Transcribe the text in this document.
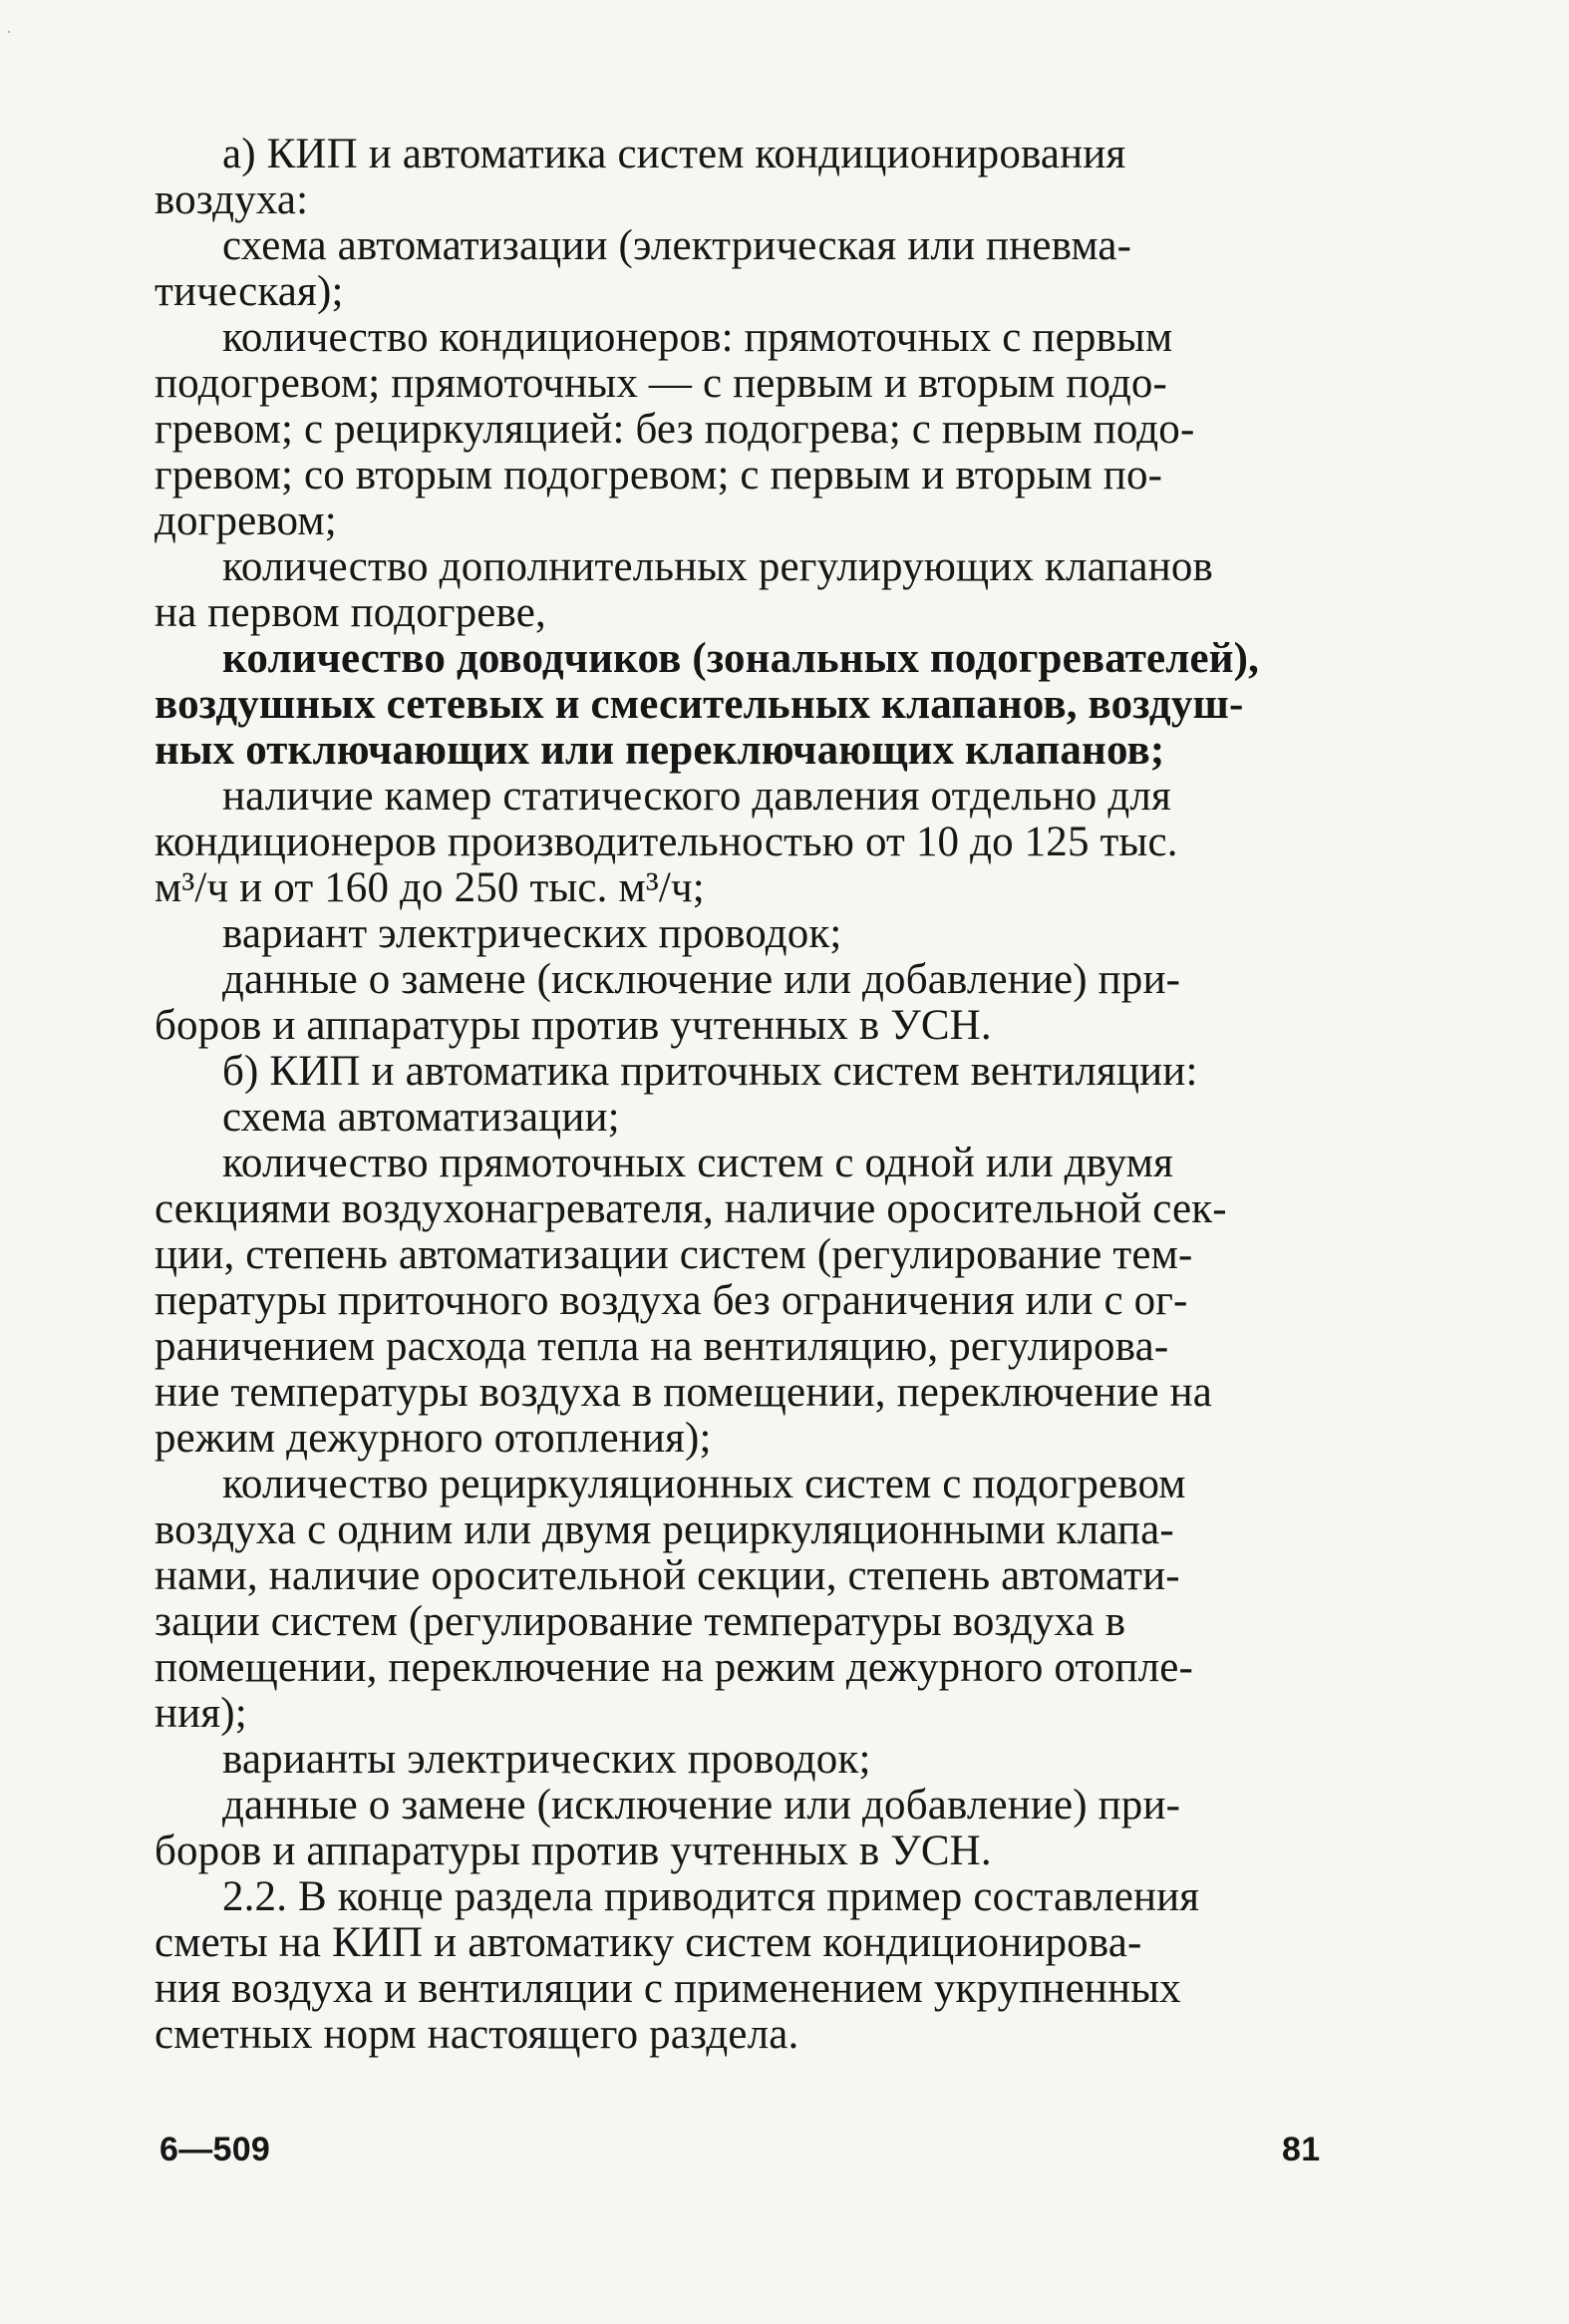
а) КИП и автоматика систем кондиционирования
воздуха:
схема автоматизации (электрическая или пневма-
тическая);
количество кондиционеров: прямоточных с первым
подогревом; прямоточных — с первым и вторым подо-
гревом; с рециркуляцией: без подогрева; с первым подо-
гревом; со вторым подогревом; с первым и вторым по-
догревом;
количество дополнительных регулирующих клапанов
на первом подогреве,
количество доводчиков (зональных подогревателей),
воздушных сетевых и смесительных клапанов, воздуш-
ных отключающих или переключающих клапанов;
наличие камер статического давления отдельно для
кондиционеров производительностью от 10 до 125 тыс.
м³/ч и от 160 до 250 тыс. м³/ч;
вариант электрических проводок;
данные о замене (исключение или добавление) при-
боров и аппаратуры против учтенных в УСН.
б) КИП и автоматика приточных систем вентиляции:
схема автоматизации;
количество прямоточных систем с одной или двумя
секциями воздухонагревателя, наличие оросительной сек-
ции, степень автоматизации систем (регулирование тем-
пературы приточного воздуха без ограничения или с ог-
раничением расхода тепла на вентиляцию, регулирова-
ние температуры воздуха в помещении, переключение на
режим дежурного отопления);
количество рециркуляционных систем с подогревом
воздуха с одним или двумя рециркуляционными клапа-
нами, наличие оросительной секции, степень автомати-
зации систем (регулирование температуры воздуха в
помещении, переключение на режим дежурного отопле-
ния);
варианты электрических проводок;
данные о замене (исключение или добавление) при-
боров и аппаратуры против учтенных в УСН.
2.2. В конце раздела приводится пример составления
сметы на КИП и автоматику систем кондиционирова-
ния воздуха и вентиляции с применением укрупненных
сметных норм настоящего раздела.
6—509	81
